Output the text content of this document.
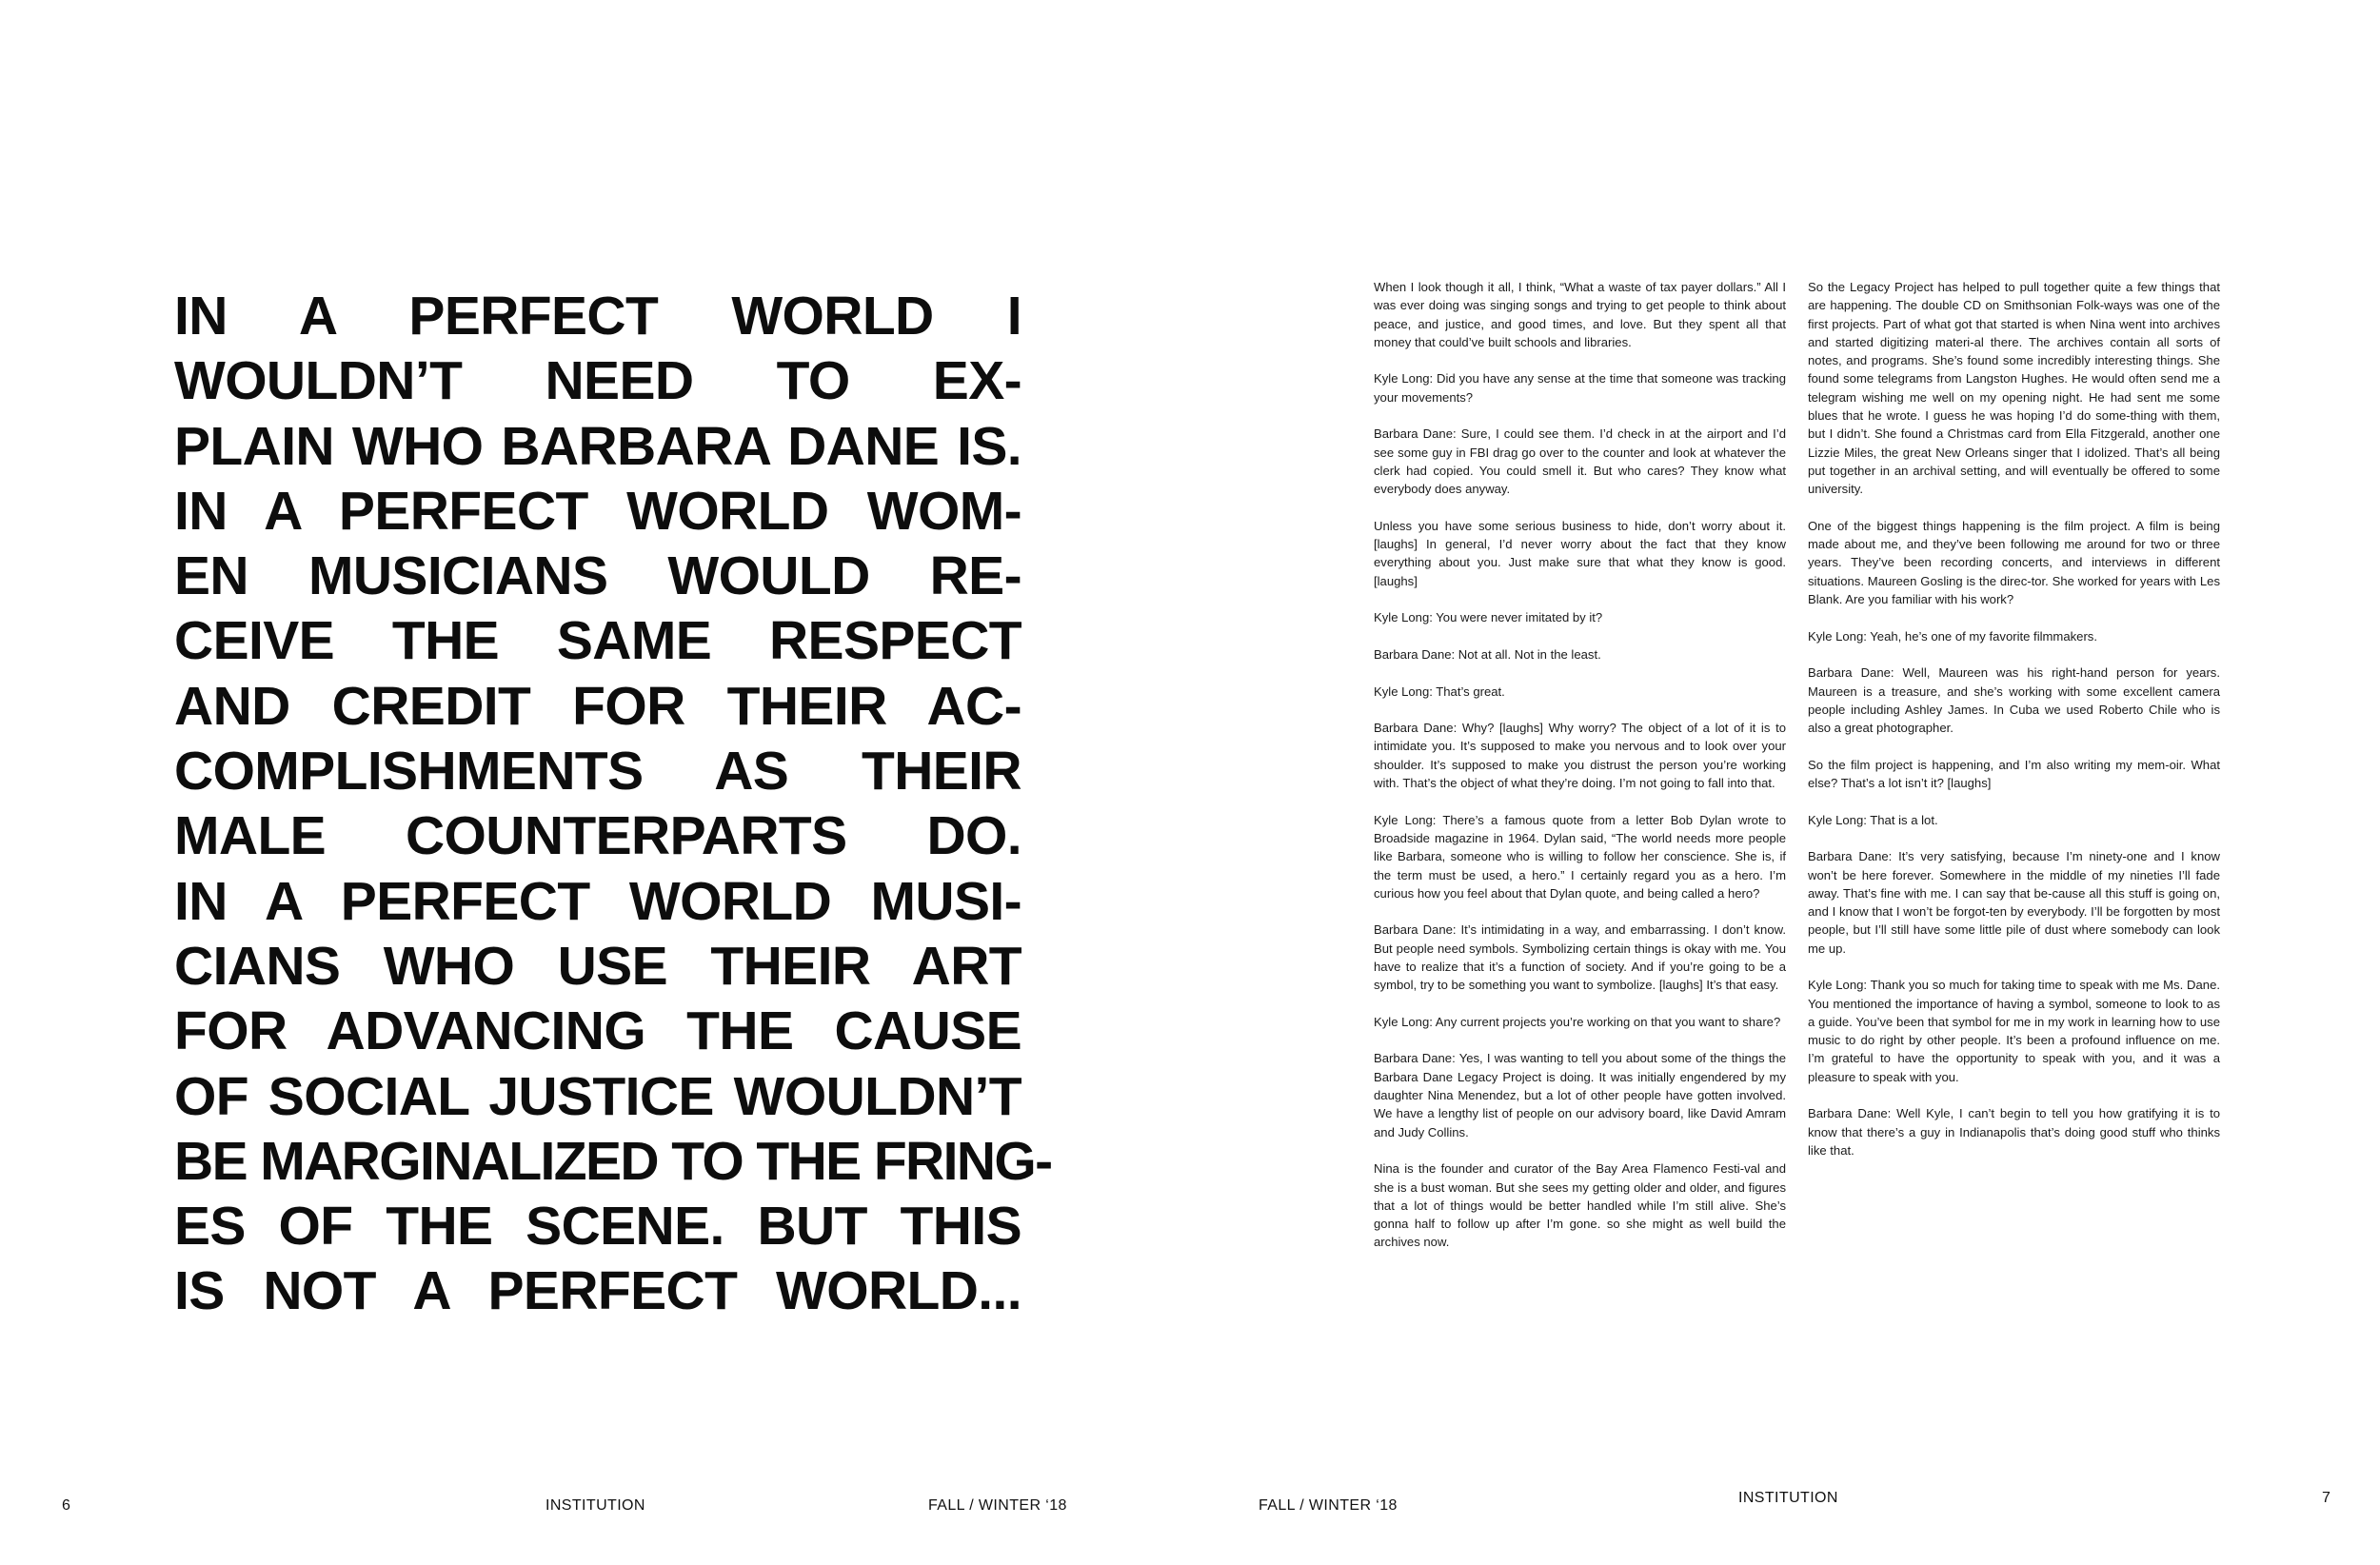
IN A PERFECT WORLD I
WOULDN’T NEED TO EX-
PLAIN WHO BARBARA DANE IS.
IN A PERFECT WORLD WOM-
EN MUSICIANS WOULD RE-
CEIVE THE SAME RESPECT
AND CREDIT FOR THEIR AC-
COMPLISHMENTS AS THEIR
MALE COUNTERPARTS DO.
IN A PERFECT WORLD MUSI-
CIANS WHO USE THEIR ART
FOR ADVANCING THE CAUSE
OF SOCIAL JUSTICE WOULDN’T
BE MARGINALIZED TO THE FRING-
ES OF THE SCENE. BUT THIS
IS NOT A PERFECT WORLD...
6	INSTITUTION	FALL / WINTER ‘18	FALL / WINTER ‘18	INSTITUTION	7

When I look though it all, I think, “What a waste of tax payer dollars.” All I was ever doing was singing songs and trying to get people to think about peace, and justice, and good times, and love. But they spent all that money that could’ve built schools and libraries.

Kyle Long: Did you have any sense at the time that someone was tracking your movements?

Barbara Dane: Sure, I could see them. I’d check in at the airport and I’d see some guy in FBI drag go over to the counter and look at whatever the clerk had copied. You could smell it. But who cares? They know what everybody does anyway.

Unless you have some serious business to hide, don’t worry about it. [laughs] In general, I’d never worry about the fact that they know everything about you. Just make sure that what they know is good. [laughs]

Kyle Long: You were never imitated by it?

Barbara Dane: Not at all. Not in the least.

Kyle Long: That’s great.

Barbara Dane: Why? [laughs] Why worry? The object of a lot of it is to intimidate you. It’s supposed to make you nervous and to look over your shoulder. It’s supposed to make you distrust the person you’re working with. That’s the object of what they’re doing. I’m not going to fall into that.

Kyle Long: There’s a famous quote from a letter Bob Dylan wrote to Broadside magazine in 1964. Dylan said, “The world needs more people like Barbara, someone who is willing to follow her conscience. She is, if the term must be used, a hero.” I certainly regard you as a hero. I’m curious how you feel about that Dylan quote, and being called a hero?

Barbara Dane: It’s intimidating in a way, and embarrassing. I don’t know. But people need symbols. Symbolizing certain things is okay with me. You have to realize that it’s a function of society. And if you’re going to be a symbol, try to be something you want to symbolize. [laughs] It’s that easy.

Kyle Long: Any current projects you’re working on that you want to share?

Barbara Dane: Yes, I was wanting to tell you about some of the things the Barbara Dane Legacy Project is doing. It was initially engendered by my daughter Nina Menendez, but a lot of other people have gotten involved. We have a lengthy list of people on our advisory board, like David Amram and Judy Collins.

Nina is the founder and curator of the Bay Area Flamenco Festi-val and she is a bust woman. But she sees my getting older and older, and figures that a lot of things would be better handled while I’m still alive. She’s gonna half to follow up after I’m gone. so she might as well build the archives now.

So the Legacy Project has helped to pull together quite a few things that are happening. The double CD on Smithsonian Folk-ways was one of the first projects. Part of what got that started is when Nina went into archives and started digitizing materi-al there. The archives contain all sorts of notes, and programs. She’s found some incredibly interesting things. She found some telegrams from Langston Hughes. He would often send me a telegram wishing me well on my opening night. He had sent me some blues that he wrote. I guess he was hoping I’d do some-thing with them, but I didn’t. She found a Christmas card from Ella Fitzgerald, another one Lizzie Miles, the great New Orleans singer that I idolized. That’s all being put together in an archival setting, and will eventually be offered to some university.

One of the biggest things happening is the film project. A film is being made about me, and they’ve been following me around for two or three years. They’ve been recording concerts, and interviews in different situations. Maureen Gosling is the direc-tor. She worked for years with Les Blank. Are you familiar with his work?

Kyle Long: Yeah, he’s one of my favorite filmmakers.

Barbara Dane: Well, Maureen was his right-hand person for years. Maureen is a treasure, and she’s working with some excellent camera people including Ashley James. In Cuba we used Roberto Chile who is also a great photographer.

So the film project is happening, and I’m also writing my mem-oir. What else? That’s a lot isn’t it? [laughs]

Kyle Long: That is a lot.

Barbara Dane: It’s very satisfying, because I’m ninety-one and I know won’t be here forever. Somewhere in the middle of my nineties I’ll fade away. That’s fine with me. I can say that be-cause all this stuff is going on, and I know that I won’t be forgot-ten by everybody. I’ll be forgotten by most people, but I’ll still have some little pile of dust where somebody can look me up.

Kyle Long: Thank you so much for taking time to speak with me Ms. Dane. You mentioned the importance of having a symbol, someone to look to as a guide. You’ve been that symbol for me in my work in learning how to use music to do right by other people. It’s been a profound influence on me. I’m grateful to have the opportunity to speak with you, and it was a pleasure to speak with you.

Barbara Dane: Well Kyle, I can’t begin to tell you how gratifying it is to know that there’s a guy in Indianapolis that’s doing good stuff who thinks like that.
